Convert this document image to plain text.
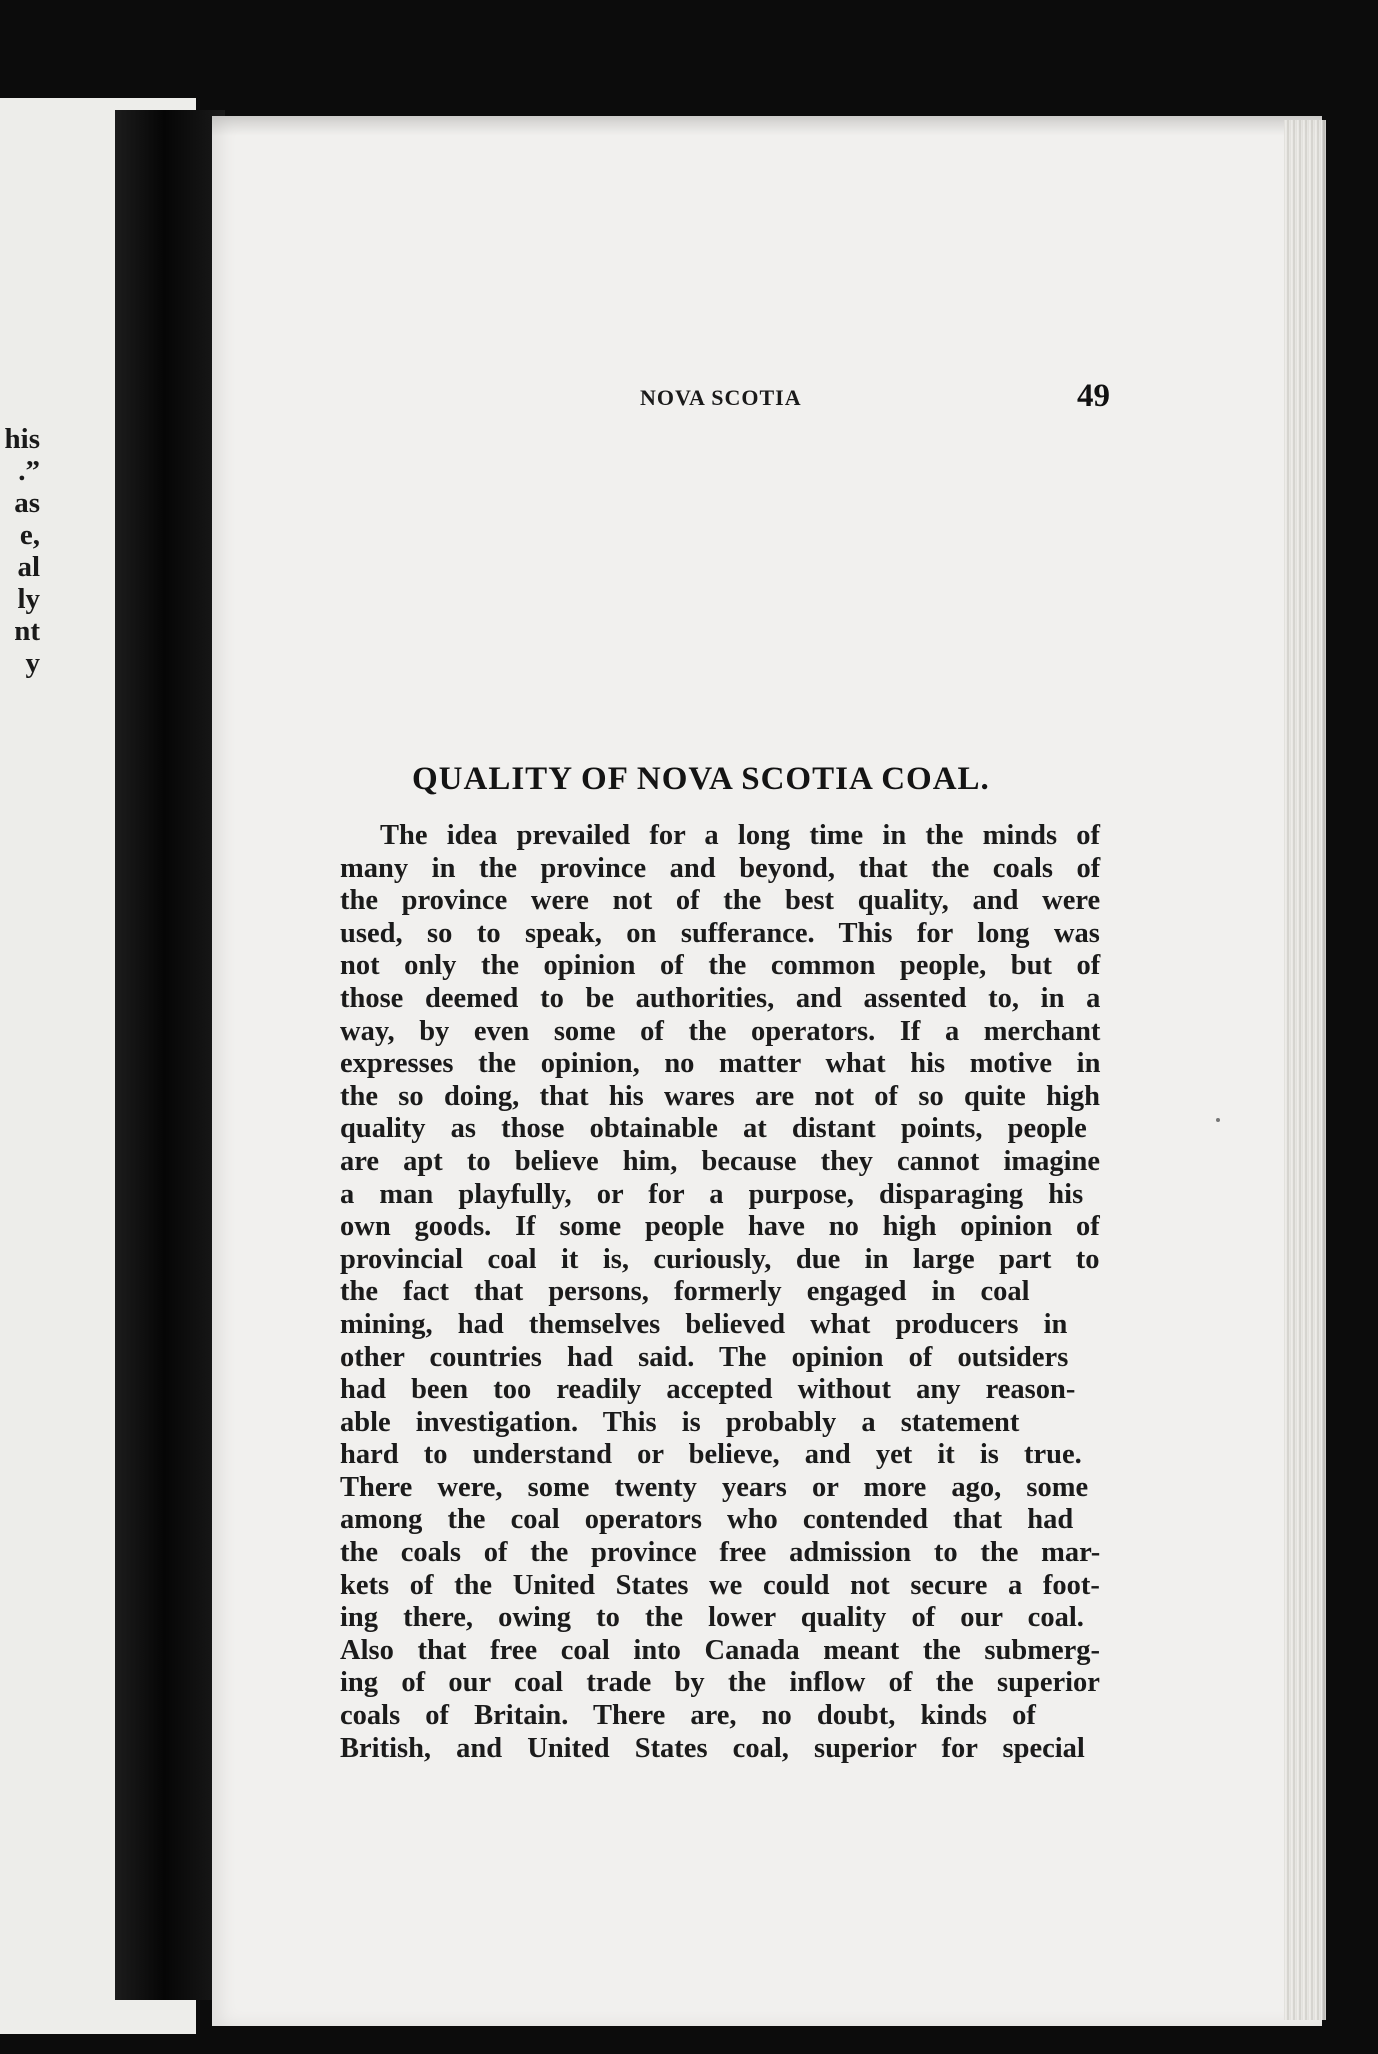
his
.”
as
e,
al
ly
nt
y
NOVA SCOTIA	49
QUALITY OF NOVA SCOTIA COAL.
The idea prevailed for a long time in the minds of
many in the province and beyond, that the coals of
the province were not of the best quality, and were
used, so to speak, on sufferance. This for long was
not only the opinion of the common people, but of
those deemed to be authorities, and assented to, in a
way, by even some of the operators. If a merchant
expresses the opinion, no matter what his motive in
the so doing, that his wares are not of so quite high
quality as those obtainable at distant points, people
are apt to believe him, because they cannot imagine
a man playfully, or for a purpose, disparaging his
own goods. If some people have no high opinion of
provincial coal it is, curiously, due in large part to
the fact that persons, formerly engaged in coal
mining, had themselves believed what producers in
other countries had said. The opinion of outsiders
had been too readily accepted without any reason-
able investigation. This is probably a statement
hard to understand or believe, and yet it is true.
There were, some twenty years or more ago, some
among the coal operators who contended that had
the coals of the province free admission to the mar-
kets of the United States we could not secure a foot-
ing there, owing to the lower quality of our coal.
Also that free coal into Canada meant the submerg-
ing of our coal trade by the inflow of the superior
coals of Britain. There are, no doubt, kinds of
British, and United States coal, superior for special
